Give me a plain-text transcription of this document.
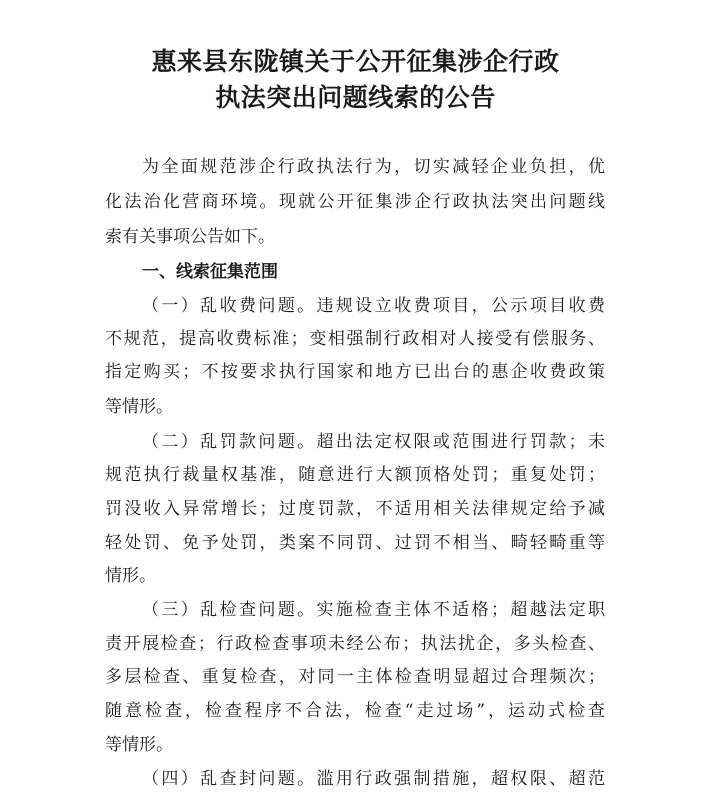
惠来县东陇镇关于公开征集涉企行政
执法突出问题线索的公告
为全面规范涉企行政执法行为，切实减轻企业负担，优
化法治化营商环境。现就公开征集涉企行政执法突出问题线
索有关事项公告如下。
一、线索征集范围
（一）乱收费问题。违规设立收费项目，公示项目收费
不规范，提高收费标准；变相强制行政相对人接受有偿服务、
指定购买；不按要求执行国家和地方已出台的惠企收费政策
等情形。
（二）乱罚款问题。超出法定权限或范围进行罚款；未
规范执行裁量权基准，随意进行大额顶格处罚；重复处罚；
罚没收入异常增长；过度罚款，不适用相关法律规定给予减
轻处罚、免予处罚，类案不同罚、过罚不相当、畸轻畸重等
情形。
（三）乱检查问题。实施检查主体不适格；超越法定职
责开展检查；行政检查事项未经公布；执法扰企，多头检查、
多层检查、重复检查，对同一主体检查明显超过合理频次；
随意检查，检查程序不合法，检查“走过场”，运动式检查
等情形。
（四）乱查封问题。滥用行政强制措施，超权限、超范
